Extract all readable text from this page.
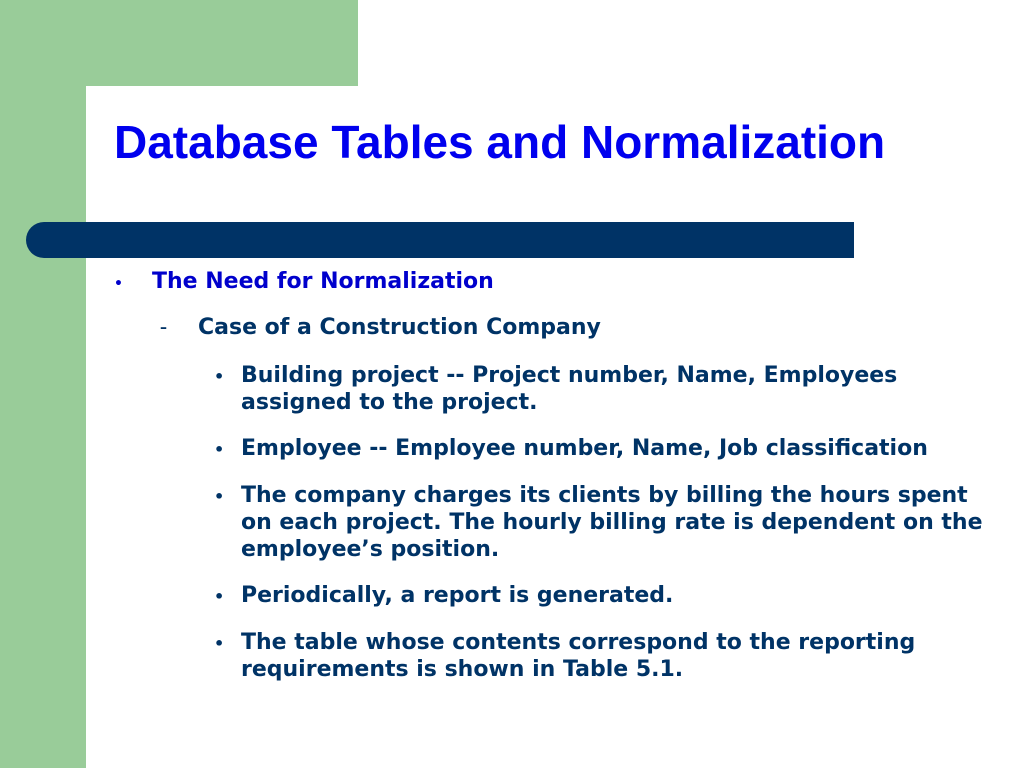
Database Tables and Normalization
•	The Need for Normalization
–	Case of a Construction Company
• Building project -- Project number, Name, Employees assigned to the project.
• Employee -- Employee number, Name, Job classification
• The company charges its clients by billing the hours spent on each project. The hourly billing rate is dependent on the employee’s position.
• Periodically, a report is generated.
• The table whose contents correspond to the reporting requirements is shown in Table 5.1.
